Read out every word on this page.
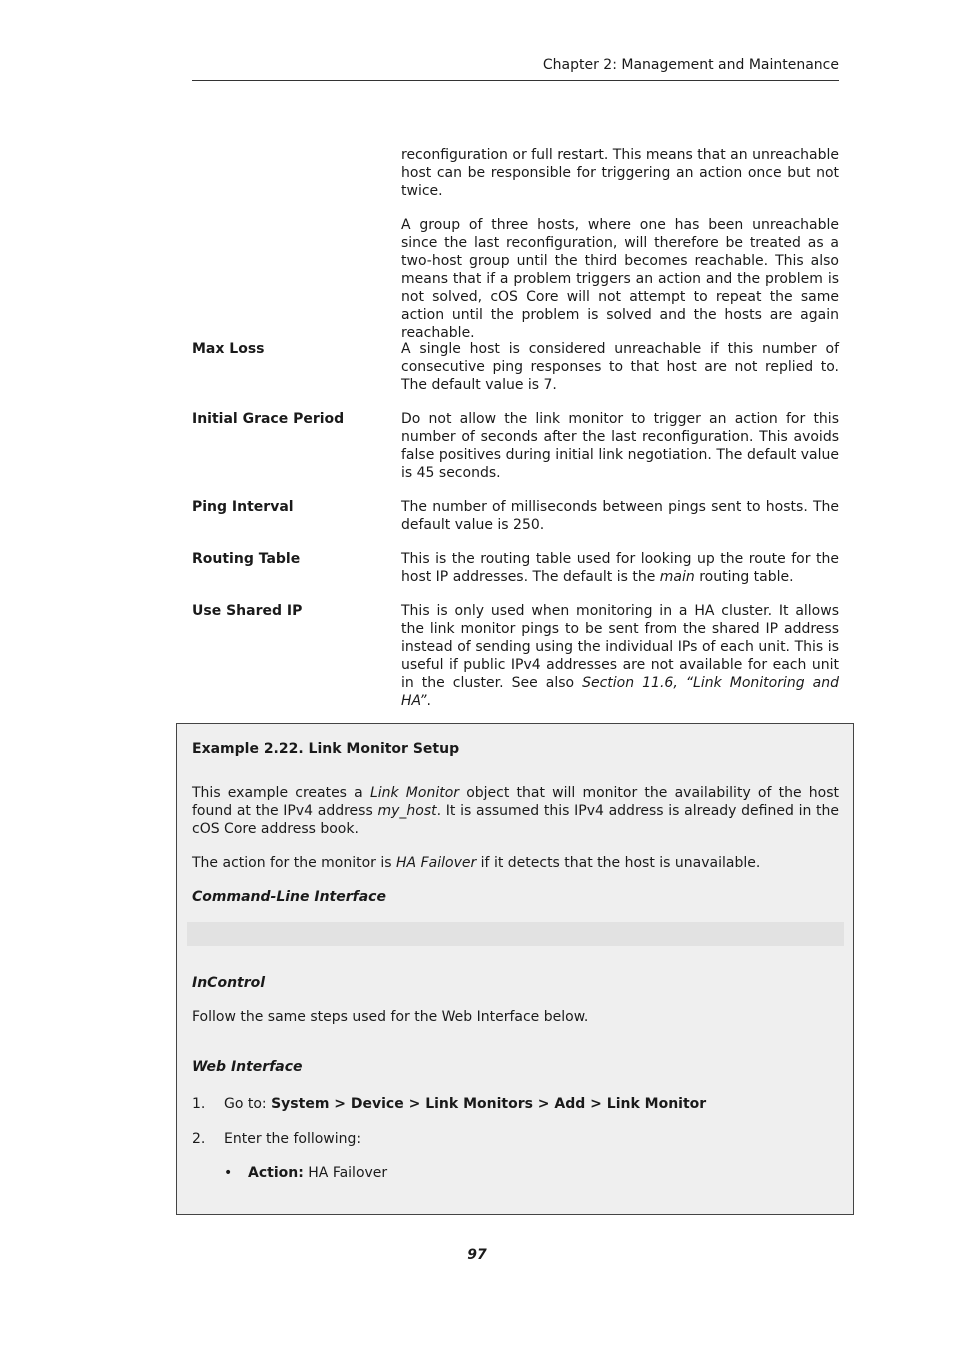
Chapter 2: Management and Maintenance

reconfiguration or full restart. This means that an unreachable host can be responsible for triggering an action once but not twice.

A group of three hosts, where one has been unreachable since the last reconfiguration, will therefore be treated as a two-host group until the third becomes reachable. This also means that if a problem triggers an action and the problem is not solved, cOS Core will not attempt to repeat the same action until the problem is solved and the hosts are again reachable.

Max Loss	A single host is considered unreachable if this number of consecutive ping responses to that host are not replied to. The default value is 7.

Initial Grace Period	Do not allow the link monitor to trigger an action for this number of seconds after the last reconfiguration. This avoids false positives during initial link negotiation. The default value is 45 seconds.

Ping Interval	The number of milliseconds between pings sent to hosts. The default value is 250.

Routing Table	This is the routing table used for looking up the route for the host IP addresses. The default is the main routing table.

Use Shared IP	This is only used when monitoring in a HA cluster. It allows the link monitor pings to be sent from the shared IP address instead of sending using the individual IPs of each unit. This is useful if public IPv4 addresses are not available for each unit in the cluster. See also Section 11.6, “Link Monitoring and HA”.

Example 2.22. Link Monitor Setup

This example creates a Link Monitor object that will monitor the availability of the host found at the IPv4 address my_host. It is assumed this IPv4 address is already defined in the cOS Core address book.

The action for the monitor is HA Failover if it detects that the host is unavailable.

Command-Line Interface

InControl

Follow the same steps used for the Web Interface below.

Web Interface

1. Go to: System > Device > Link Monitors > Add > Link Monitor
2. Enter the following:
• Action: HA Failover
97
